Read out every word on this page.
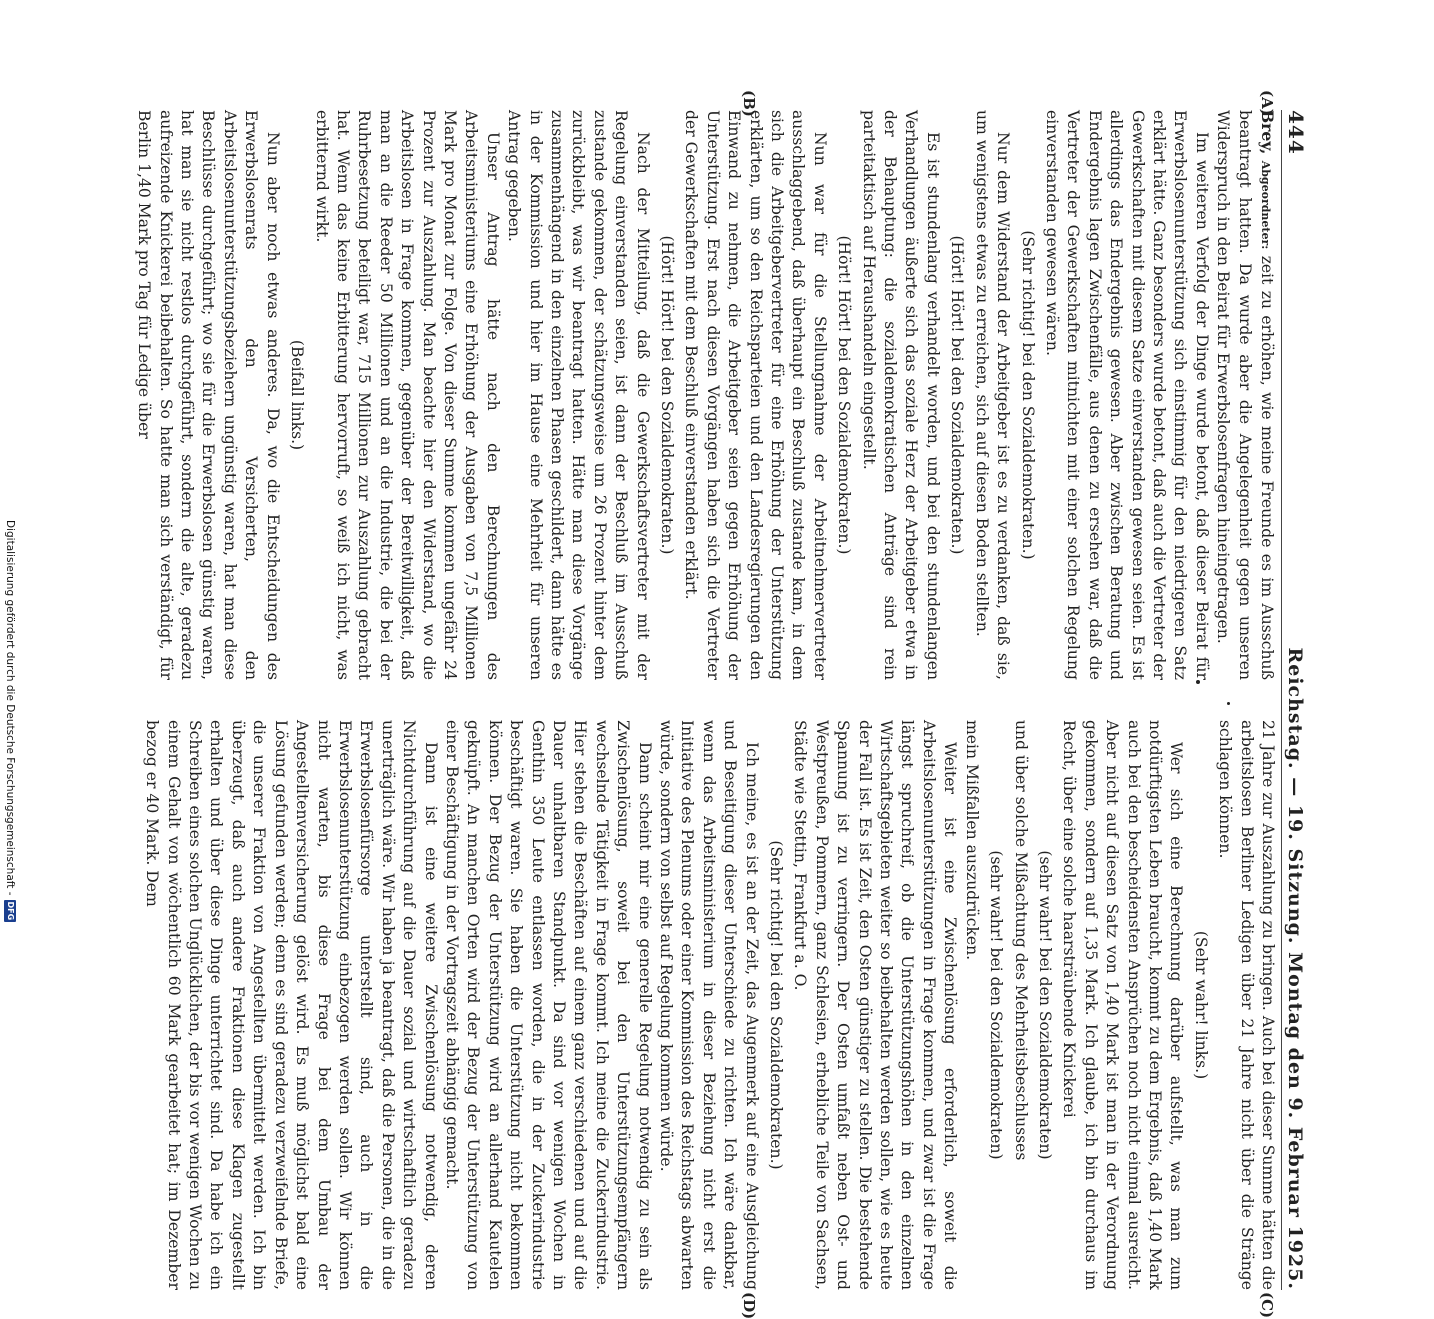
444
Reichstag. — 19. Sitzung. Montag den 9. Februar 1925.
(A)
(B)
(C)
(D)

Brey, Abgeordneter: zeit zu erhöhen, wie meine Freunde es im Ausschuß beantragt hatten. Da wurde aber die Angelegenheit gegen unseren Widerspruch in den Beirat für Erwerbslosenfragen hineingetragen.

Im weiteren Verfolg der Dinge wurde betont, daß dieser Beirat für Erwerbslosenunterstützung sich einstimmig für den niedrigeren Satz erklärt hätte. Ganz besonders wurde betont, daß auch die Vertreter der Gewerkschaften mit diesem Satze einverstanden gewesen seien. Es ist allerdings das Endergebnis gewesen. Aber zwischen Beratung und Endergebnis lagen Zwischenfälle, aus denen zu ersehen war, daß die Vertreter der Gewerkschaften mitnichten mit einer solchen Regelung einverstanden gewesen wären.

(Sehr richtig! bei den Sozialdemokraten.)

Nur dem Widerstand der Arbeitgeber ist es zu verdanken, daß sie, um wenigstens etwas zu erreichen, sich auf diesen Boden stellten.

(Hört! Hört! bei den Sozialdemokraten.)

Es ist stundenlang verhandelt worden, und bei den stundenlangen Verhandlungen äußerte sich das soziale Herz der Arbeitgeber etwa in der Behauptung: die sozialdemokratischen Anträge sind rein parteitaktisch auf Heraushandeln eingestellt.

(Hört! Hört! bei den Sozialdemokraten.)

Nun war für die Stellungnahme der Arbeitnehmervertreter ausschlaggebend, daß überhaupt ein Beschluß zustande kam, in dem sich die Arbeitgebervertreter für eine Erhöhung der Unterstützung erklärten, um so den Reichsparteien und den Landesregierungen den Einwand zu nehmen, die Arbeitgeber seien gegen Erhöhung der Unterstützung. Erst nach diesen Vorgängen haben sich die Vertreter der Gewerkschaften mit dem Beschluß einverstanden erklärt.

(Hört! Hört! bei den Sozialdemokraten.)

Nach der Mitteilung, daß die Gewerkschaftsvertreter mit der Regelung einverstanden seien, ist dann der Beschluß im Ausschuß zustande gekommen, der schätzungsweise um 26 Prozent hinter dem zurückbleibt, was wir beantragt hatten. Hätte man diese Vorgänge zusammenhängend in den einzelnen Phasen geschildert, dann hätte es in der Kommission und hier im Hause eine Mehrheit für unseren Antrag gegeben.

Unser Antrag hätte nach den Berechnungen des Arbeitsministeriums eine Erhöhung der Ausgaben von 7,5 Millionen Mark pro Monat zur Folge. Von dieser Summe kommen ungefähr 24 Prozent zur Auszahlung. Man beachte hier den Widerstand, wo die Arbeitslosen in Frage kommen, gegenüber der Bereitwilligkeit, daß man an die Reeder 50 Millionen und an die Industrie, die bei der Ruhrbesetzung beteiligt war, 715 Millionen zur Auszahlung gebracht hat. Wenn das keine Erbitterung hervorruft, so weiß ich nicht, was erbitternd wirkt.

(Beifall links.)

Nun aber noch etwas anderes. Da, wo die Entscheidungen des Erwerbslosenrats den Versicherten, den Arbeitslosenunterstützungsbeziehern ungünstig waren, hat man diese Beschlüsse durchgeführt; wo sie für die Erwerbslosen günstig waren, hat man sie nicht restlos durchgeführt, sondern die alte, geradezu aufreizende Knickerei beibehalten. So hatte man sich verständigt, für Berlin 1,40 Mark pro Tag für Ledige über

21 Jahre zur Auszahlung zu bringen. Auch bei dieser Summe hätten die arbeitslosen Berliner Ledigen über 21 Jahre nicht über die Stränge schlagen können.

(Sehr wahr! links.)

Wer sich eine Berechnung darüber aufstellt, was man zum notdürftigsten Leben braucht, kommt zu dem Ergebnis, daß 1,40 Mark auch bei den bescheidensten Ansprüchen noch nicht einmal ausreicht. Aber nicht auf diesen Satz von 1,40 Mark ist man in der Verordnung gekommen, sondern auf 1,35 Mark. Ich glaube, ich bin durchaus im Recht, über eine solche haarsträubende Knickerei

(sehr wahr! bei den Sozialdemokraten)

und über solche Mißachtung des Mehrheitsbeschlusses

(sehr wahr! bei den Sozialdemokraten)

mein Mißfallen auszudrücken.

Weiter ist eine Zwischenlösung erforderlich, soweit die Arbeitslosenunterstützungen in Frage kommen, und zwar ist die Frage längst spruchreif, ob die Unterstützungshöhen in den einzelnen Wirtschaftsgebieten weiter so beibehalten werden sollen, wie es heute der Fall ist. Es ist Zeit, den Osten günstiger zu stellen. Die bestehende Spannung ist zu verringern. Der Osten umfaßt neben Ost- und Westpreußen, Pommern, ganz Schlesien, erhebliche Teile von Sachsen, Städte wie Stettin, Frankfurt a. O.

(Sehr richtig! bei den Sozialdemokraten.)

Ich meine, es ist an der Zeit, das Augenmerk auf eine Ausgleichung und Beseitigung dieser Unterschiede zu richten. Ich wäre dankbar, wenn das Arbeitsministerium in dieser Beziehung nicht erst die Initiative des Plenums oder einer Kommission des Reichstags abwarten würde, sondern von selbst auf Regelung kommen würde.

Dann scheint mir eine generelle Regelung notwendig zu sein als Zwischenlösung, soweit bei den Unterstützungsempfängern wechselnde Tätigkeit in Frage kommt. Ich meine die Zuckerindustrie. Hier stehen die Beschäften auf einem ganz verschiedenen und auf die Dauer unhaltbaren Standpunkt. Da sind vor wenigen Wochen in Genthin 350 Leute entlassen worden, die in der Zuckerindustrie beschäftigt waren. Sie haben die Unterstützung nicht bekommen können. Der Bezug der Unterstützung wird an allerhand Kautelen geknüpft. An manchen Orten wird der Bezug der Unterstützung von einer Beschäftigung in der Vortragszeit abhängig gemacht.

Dann ist eine weitere Zwischenlösung notwendig, deren Nichtdurchführung auf die Dauer sozial und wirtschaftlich geradezu unerträglich wäre. Wir haben ja beantragt, daß die Personen, die in die Erwerbslosenfürsorge unterstellt sind, auch in die Erwerbslosenunterstützung einbezogen werden sollen. Wir können nicht warten, bis diese Frage bei dem Umbau der Angestelltenversicherung gelöst wird. Es muß möglichst bald eine Lösung gefunden werden; denn es sind geradezu verzweifelnde Briefe, die unserer Fraktion von Angestellten übermittelt werden. Ich bin überzeugt, daß auch andere Fraktionen diese Klagen zugestellt erhalten und über diese Dinge unterrichtet sind. Da habe ich ein Schreiben eines solchen Unglücklichen, der bis vor wenigen Wochen zu einem Gehalt von wöchentlich 60 Mark gearbeitet hat; im Dezember bezog er 40 Mark. Dem

Digitalisierung gefördert durch die Deutsche Forschungsgemeinschaft -
DFG
